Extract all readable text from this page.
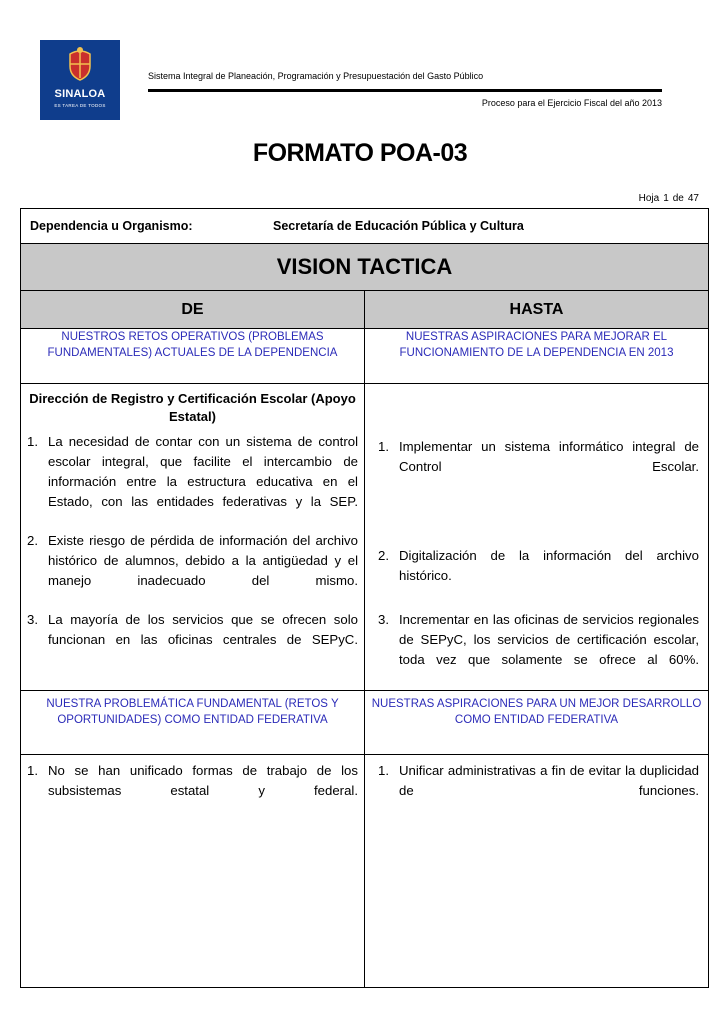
SINALOA
ES TAREA DE TODOS
Sistema Integral de Planeación, Programación y Presupuestación del Gasto Público
Proceso para el Ejercicio Fiscal del año 2013
FORMATO POA-03
Hoja 1 de 47
Dependencia u Organismo:	Secretaría de Educación Pública y Cultura
VISION TACTICA
DE	HASTA
NUESTROS RETOS OPERATIVOS (PROBLEMAS FUNDAMENTALES) ACTUALES DE LA DEPENDENCIA
NUESTRAS ASPIRACIONES PARA MEJORAR EL FUNCIONAMIENTO DE LA DEPENDENCIA EN 2013
Dirección de Registro y Certificación Escolar (Apoyo Estatal)
1. La necesidad de contar con un sistema de control escolar integral, que facilite el intercambio de información entre la estructura educativa en el Estado, con las entidades federativas y la SEP.
2. Existe riesgo de pérdida de información del archivo histórico de alumnos, debido a la antigüedad y el manejo inadecuado del mismo.
3. La mayoría de los servicios que se ofrecen solo funcionan en las oficinas centrales de SEPyC.
1. Implementar un sistema informático integral de Control Escolar.
2. Digitalización de la información del archivo histórico.
3. Incrementar en las oficinas de servicios regionales de SEPyC, los servicios de certificación escolar, toda vez que solamente se ofrece al 60%.
NUESTRA PROBLEMÁTICA FUNDAMENTAL (RETOS Y OPORTUNIDADES) COMO ENTIDAD FEDERATIVA
NUESTRAS ASPIRACIONES PARA UN MEJOR DESARROLLO COMO ENTIDAD FEDERATIVA
1. No se han unificado formas de trabajo de los subsistemas estatal y federal.
1. Unificar administrativas a fin de evitar la duplicidad de funciones.
